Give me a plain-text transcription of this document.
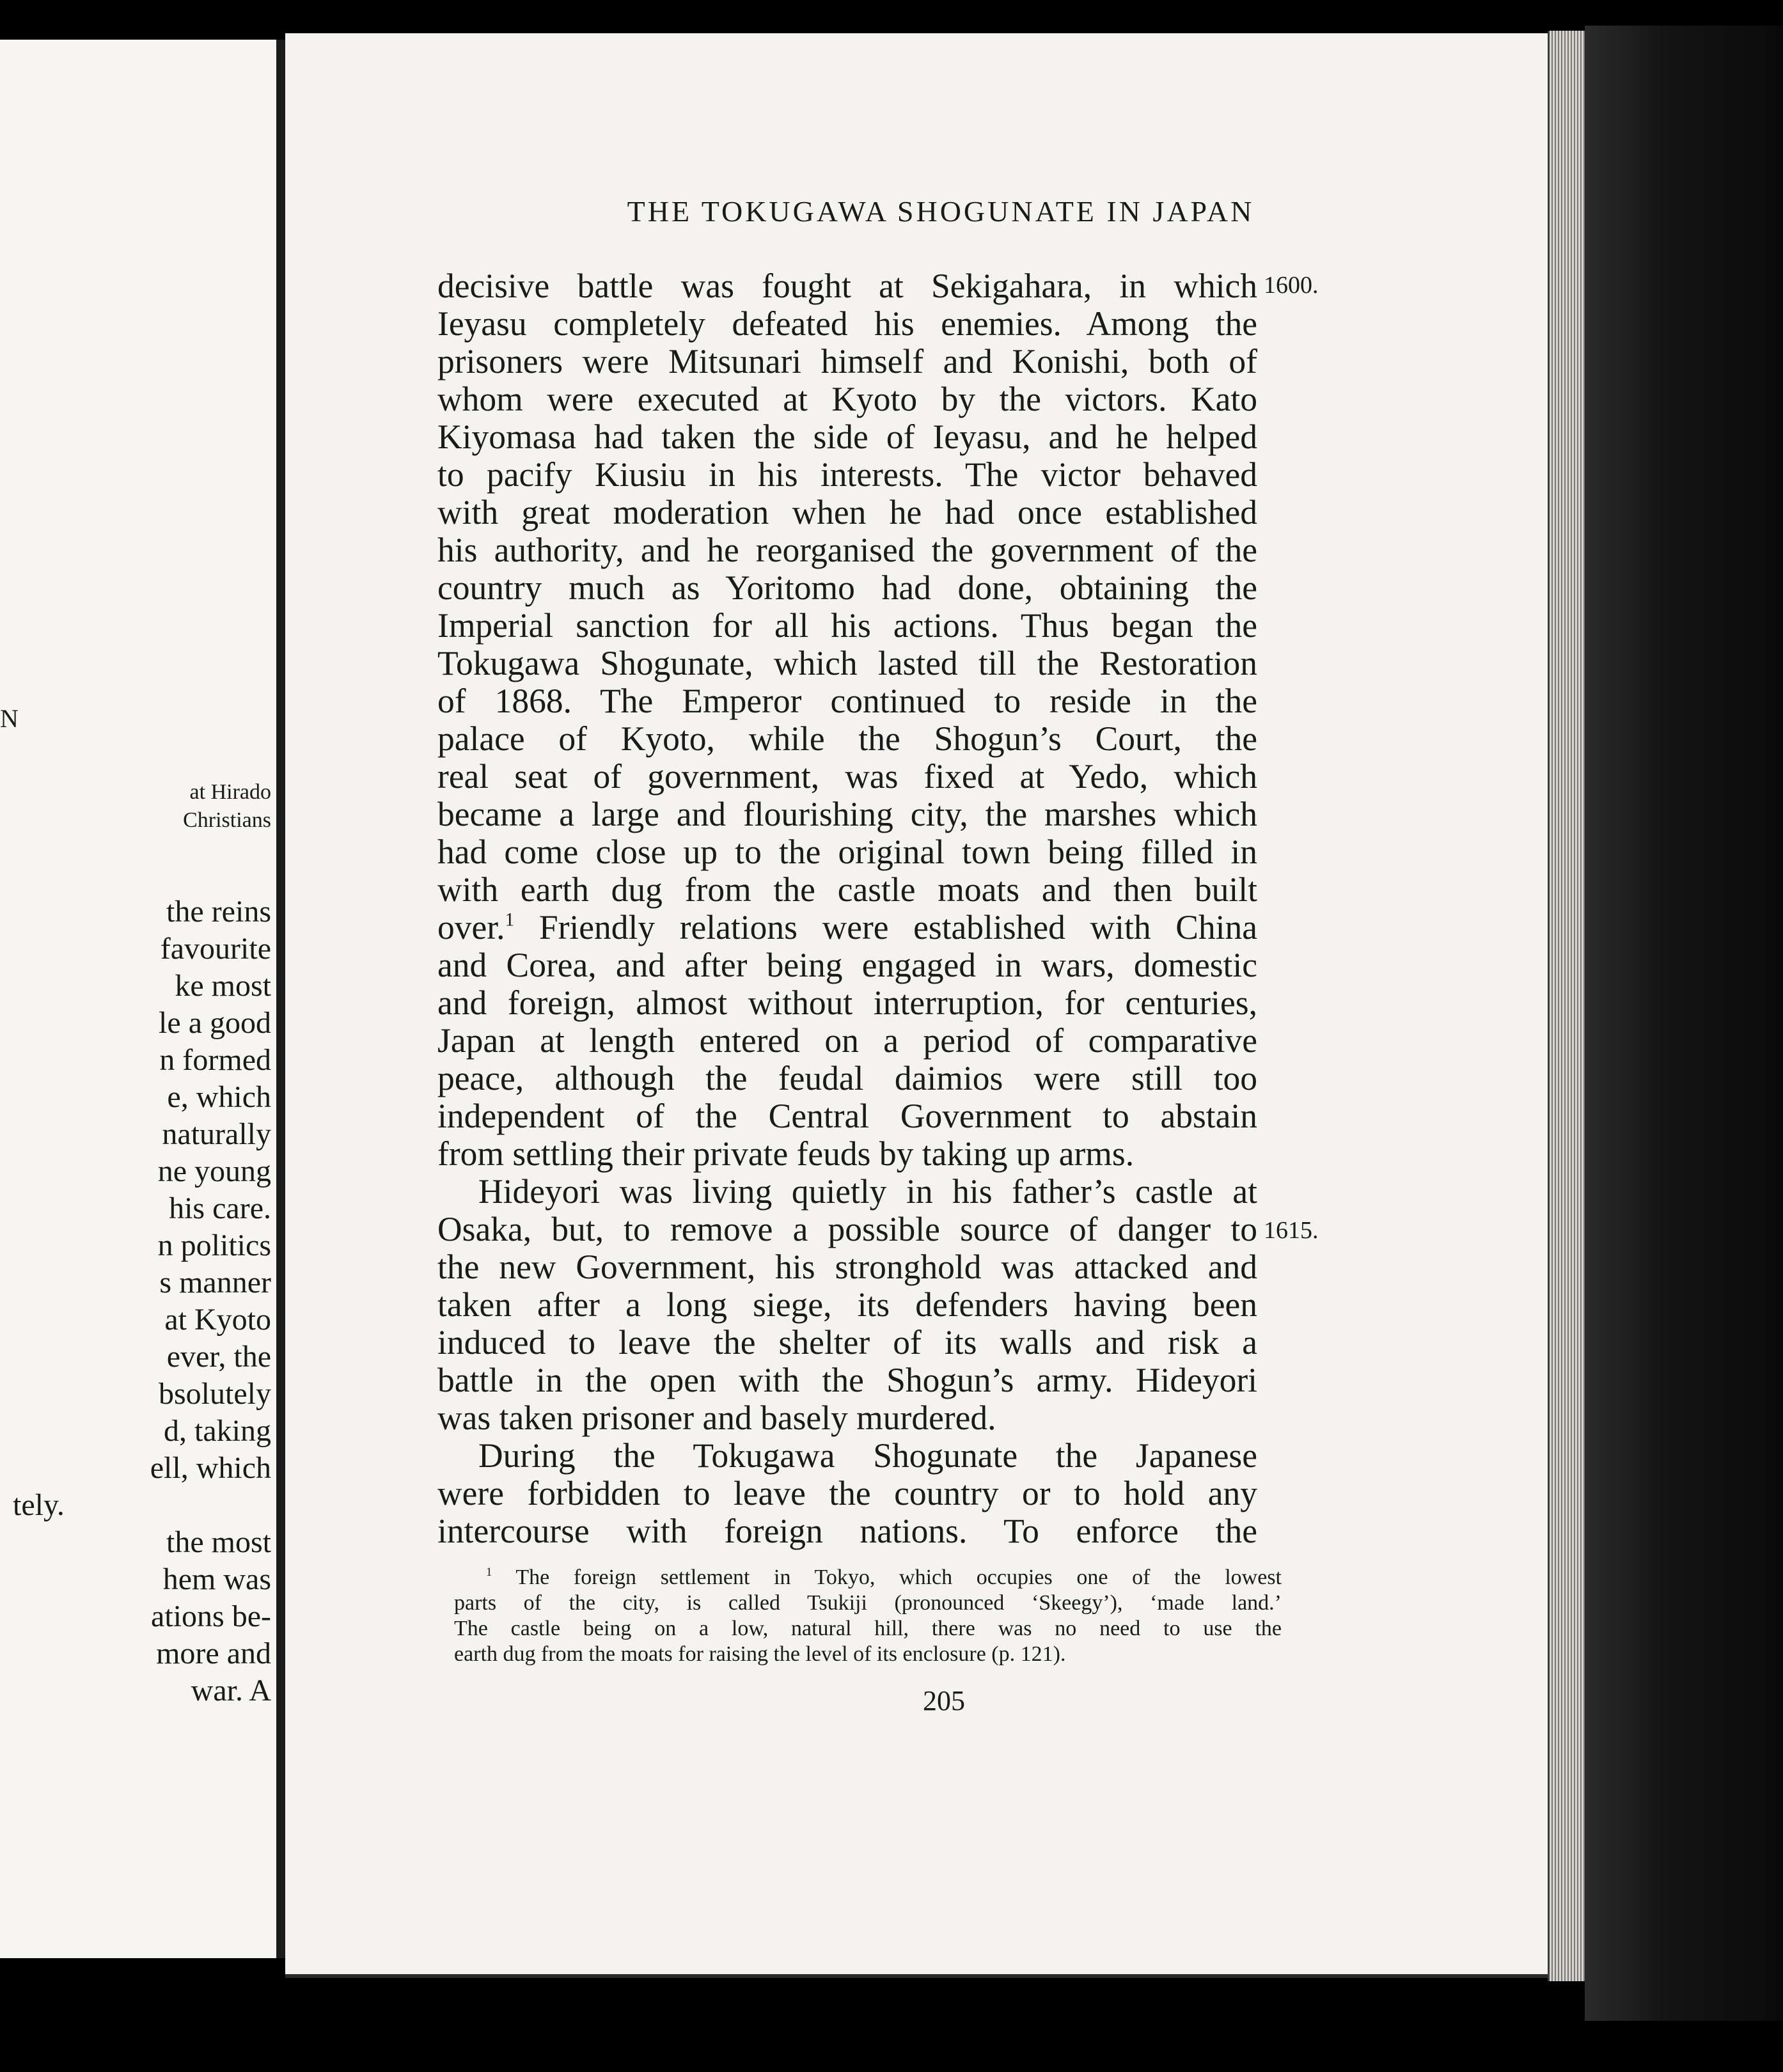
N
at Hirado
Christians
the reins
favourite
ke most
le a good
n formed
e, which
naturally
ne young
his care.
n politics
s manner
at Kyoto
ever, the
bsolutely
d, taking
ell, which
tely.
the most
hem was
ations be-
more and
war. A
THE TOKUGAWA SHOGUNATE IN JAPAN
decisive battle was fought at Sekigahara, in which
Ieyasu completely defeated his enemies. Among the
prisoners were Mitsunari himself and Konishi, both of
whom were executed at Kyoto by the victors. Kato
Kiyomasa had taken the side of Ieyasu, and he helped
to pacify Kiusiu in his interests. The victor behaved
with great moderation when he had once established
his authority, and he reorganised the government of the
country much as Yoritomo had done, obtaining the
Imperial sanction for all his actions. Thus began the
Tokugawa Shogunate, which lasted till the Restoration
of 1868. The Emperor continued to reside in the
palace of Kyoto, while the Shogun’s Court, the
real seat of government, was fixed at Yedo, which
became a large and flourishing city, the marshes which
had come close up to the original town being filled in
with earth dug from the castle moats and then built
over.$^1$ Friendly relations were established with China
and Corea, and after being engaged in wars, domestic
and foreign, almost without interruption, for centuries,
Japan at length entered on a period of comparative
peace, although the feudal daimios were still too
independent of the Central Government to abstain
from settling their private feuds by taking up arms.
Hideyori was living quietly in his father’s castle at
Osaka, but, to remove a possible source of danger to
the new Government, his stronghold was attacked and
taken after a long siege, its defenders having been
induced to leave the shelter of its walls and risk a
battle in the open with the Shogun’s army. Hideyori
was taken prisoner and basely murdered.
During the Tokugawa Shogunate the Japanese
were forbidden to leave the country or to hold any
intercourse with foreign nations. To enforce the
1600.
1615.
$^1$ The foreign settlement in Tokyo, which occupies one of the lowest
parts of the city, is called Tsukiji (pronounced ‘Skeegy’), ‘made land.’
The castle being on a low, natural hill, there was no need to use the
earth dug from the moats for raising the level of its enclosure (p. 121).
205
